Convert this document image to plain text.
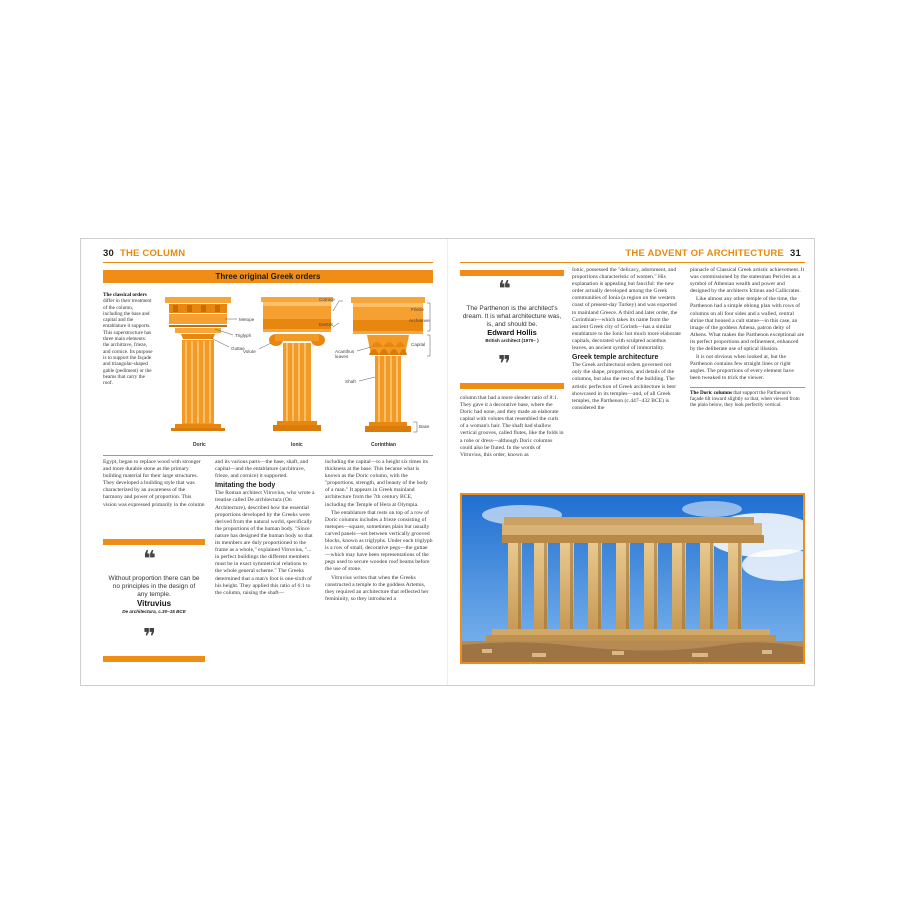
30 THE COLUMN
Three original Greek orders
The classical orders differ in their treatment of the column, including the base and capital and the entablature it supports. This superstructure has three main elements: the architrave, frieze, and cornice. Its purpose is to support the façade and triangular-shaped gable (pediment) or the beams that carry the roof.
Metope
Triglyph
Guttae
Cornice
Dentils
Volute	Acanthus leaves
Shaft
Frieze
Architrave
Capital
Base
Doric	Ionic	Corinthian
Egypt, began to replace wood with stronger and more durable stone as the primary building material for their large structures. They developed a building style that was characterized by an awareness of the harmony and power of proportion. This vision was expressed primarily in the column
❝
Without proportion there can be no principles in the design of any temple.
Vitruvius
De architectura, c.30–15 BCE
❞
and its various parts—the base, shaft, and capital—and the entablature (architrave, frieze, and cornice) it supported.
Imitating the body
The Roman architect Vitruvius, who wrote a treatise called De architectura (On Architecture), described how the essential proportions developed by the Greeks were derived from the natural world, specifically the proportions of the human body. "Since nature has designed the human body so that its members are duly proportioned to the frame as a whole," explained Vitruvius, "... in perfect buildings the different members must be in exact symmetrical relations to the whole general scheme." The Greeks determined that a man's foot is one-sixth of his height. They applied this ratio of 6:1 to the column, raising the shaft—
including the capital—to a height six times its thickness at the base. This became what is known as the Doric column, with the "proportions, strength, and beauty of the body of a man." It appears in Greek mainland architecture from the 7th century BCE, including the Temple of Hera at Olympia.
The entablature that rests on top of a row of Doric columns includes a frieze consisting of metopes—square, sometimes plain but usually carved panels—set between vertically grooved blocks, known as triglyphs. Under each triglyph is a row of small, decorative pegs—the guttae—which may have been representations of the pegs used to secure wooden roof beams before the use of stone.
Vitruvius writes that when the Greeks constructed a temple to the goddess Artemis, they required an architecture that reflected her femininity, so they introduced a
THE ADVENT OF ARCHITECTURE 31
❝
The Parthenon is the architect's dream. It is what architecture was, is, and should be.
Edward Hollis
British architect (1970– )
❞
column that had a more slender ratio of 8:1. They gave it a decorative base, where the Doric had none, and they made an elaborate capital with volutes that resembled the curls of a woman's hair. The shaft had shallow vertical grooves, called flutes, like the folds in a robe or dress—although Doric columns could also be fluted. In the words of Vitruvius, this order, known as
Ionic, possessed the "delicacy, adornment, and proportions characteristic of women." His explanation is appealing but fanciful: the new order actually developed among the Greek communities of Ionia (a region on the western coast of present-day Turkey) and was exported to mainland Greece. A third and later order, the Corinthian—which takes its name from the ancient Greek city of Corinth—has a similar entablature to the Ionic but much more elaborate capitals, decorated with sculpted acanthus leaves, an ancient symbol of immortality.
Greek temple architecture
The Greek architectural orders governed not only the shape, proportions, and details of the columns, but also the rest of the building. The artistic perfection of Greek architecture is best showcased in its temples—and, of all Greek temples, the Parthenon (c.447–432 BCE) is considered the
pinnacle of Classical Greek artistic achievement. It was commissioned by the statesman Pericles as a symbol of Athenian wealth and power and designed by the architects Ictinus and Callicrates.
Like almost any other temple of the time, the Parthenon had a simple oblong plan with rows of columns on all four sides and a walled, central shrine that housed a cult statue—in this case, an image of the goddess Athena, patron deity of Athens. What makes the Parthenon exceptional are its perfect proportions and refinement, enhanced by the deliberate use of optical illusion.
It is not obvious when looked at, but the Parthenon contains few straight lines or right angles. The proportions of every element have been tweaked to trick the viewer.
The Doric columns that support the Parthenon's façade tilt inward slightly so that, when viewed from the plain below, they look perfectly vertical.
